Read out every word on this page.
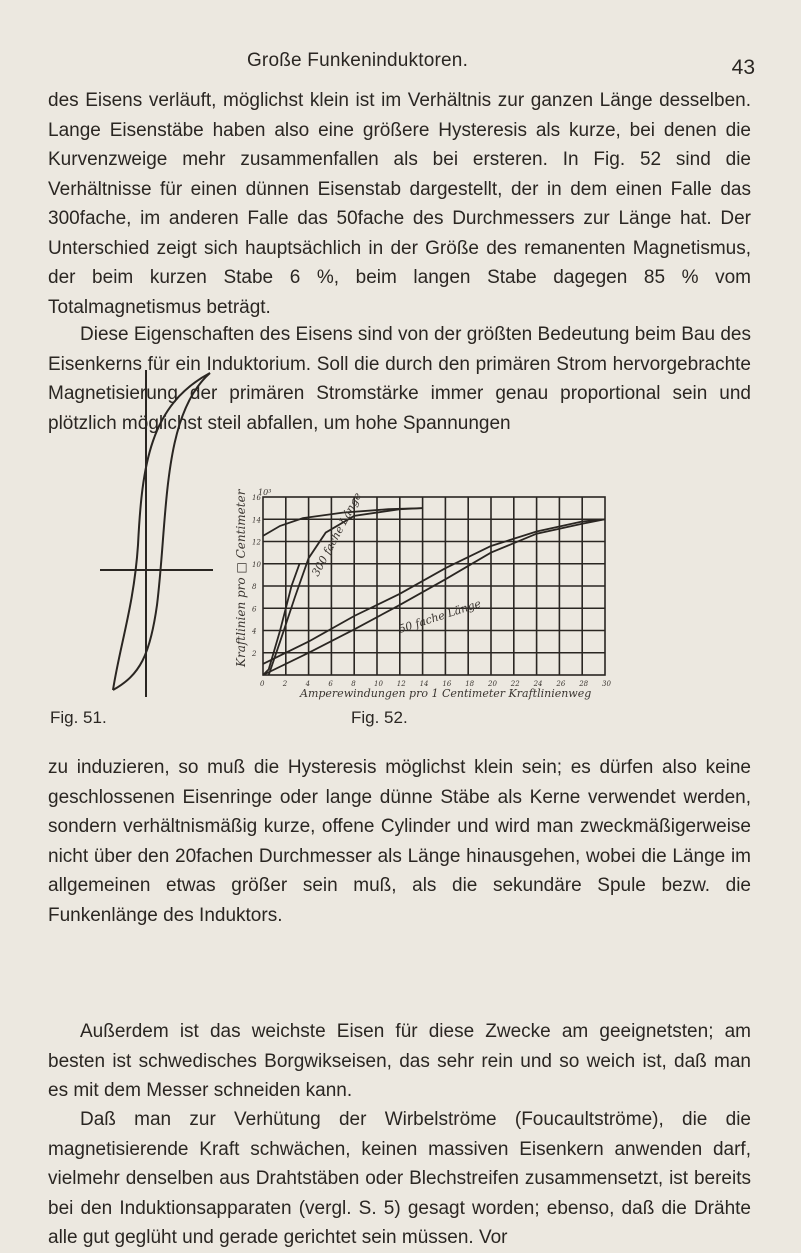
Große Funkeninduktoren.	43

des Eisens verläuft, möglichst klein ist im Verhältnis zur ganzen Länge desselben. Lange Eisenstäbe haben also eine größere Hysteresis als kurze, bei denen die Kurvenzweige mehr zusammenfallen als bei ersteren. In Fig. 52 sind die Verhältnisse für einen dünnen Eisenstab dargestellt, der in dem einen Falle das 300fache, im anderen Falle das 50fache des Durchmessers zur Länge hat. Der Unterschied zeigt sich hauptsächlich in der Größe des remanenten Magnetismus, der beim kurzen Stabe 6 %, beim langen Stabe dagegen 85 % vom Totalmagnetismus beträgt.

Diese Eigenschaften des Eisens sind von der größten Bedeutung beim Bau des Eisenkerns für ein Induktorium. Soll die durch den primären Strom hervorgebrachte Magnetisierung der primären Stromstärke immer genau proportional sein und plötzlich möglichst steil abfallen, um hohe Spannungen

0	2	4	6	8	10 12 14 16 18 20 22 24 26 28 30
2
4
6
8
10
12
14
16
Kraftlinien pro □ Centimeter
Amperewindungen pro 1 Centimeter Kraftlinienweg
10³	300 fache Länge
50 fache Länge
Fig. 51.	Fig. 52.

zu induzieren, so muß die Hysteresis möglichst klein sein; es dürfen also keine geschlossenen Eisenringe oder lange dünne Stäbe als Kerne verwendet werden, sondern verhältnismäßig kurze, offene Cylinder und wird man zweckmäßigerweise nicht über den 20fachen Durchmesser als Länge hinausgehen, wobei die Länge im allgemeinen etwas größer sein muß, als die sekundäre Spule bezw. die Funkenlänge des Induktors.

Außerdem ist das weichste Eisen für diese Zwecke am geeignetsten; am besten ist schwedisches Borgwikseisen, das sehr rein und so weich ist, daß man es mit dem Messer schneiden kann.

Daß man zur Verhütung der Wirbelströme (Foucaultströme), die die magnetisierende Kraft schwächen, keinen massiven Eisenkern anwenden darf, vielmehr denselben aus Drahtstäben oder Blechstreifen zusammensetzt, ist bereits bei den Induktionsapparaten (vergl. S. 5) gesagt worden; ebenso, daß die Drähte alle gut geglüht und gerade gerichtet sein müssen. Vor
